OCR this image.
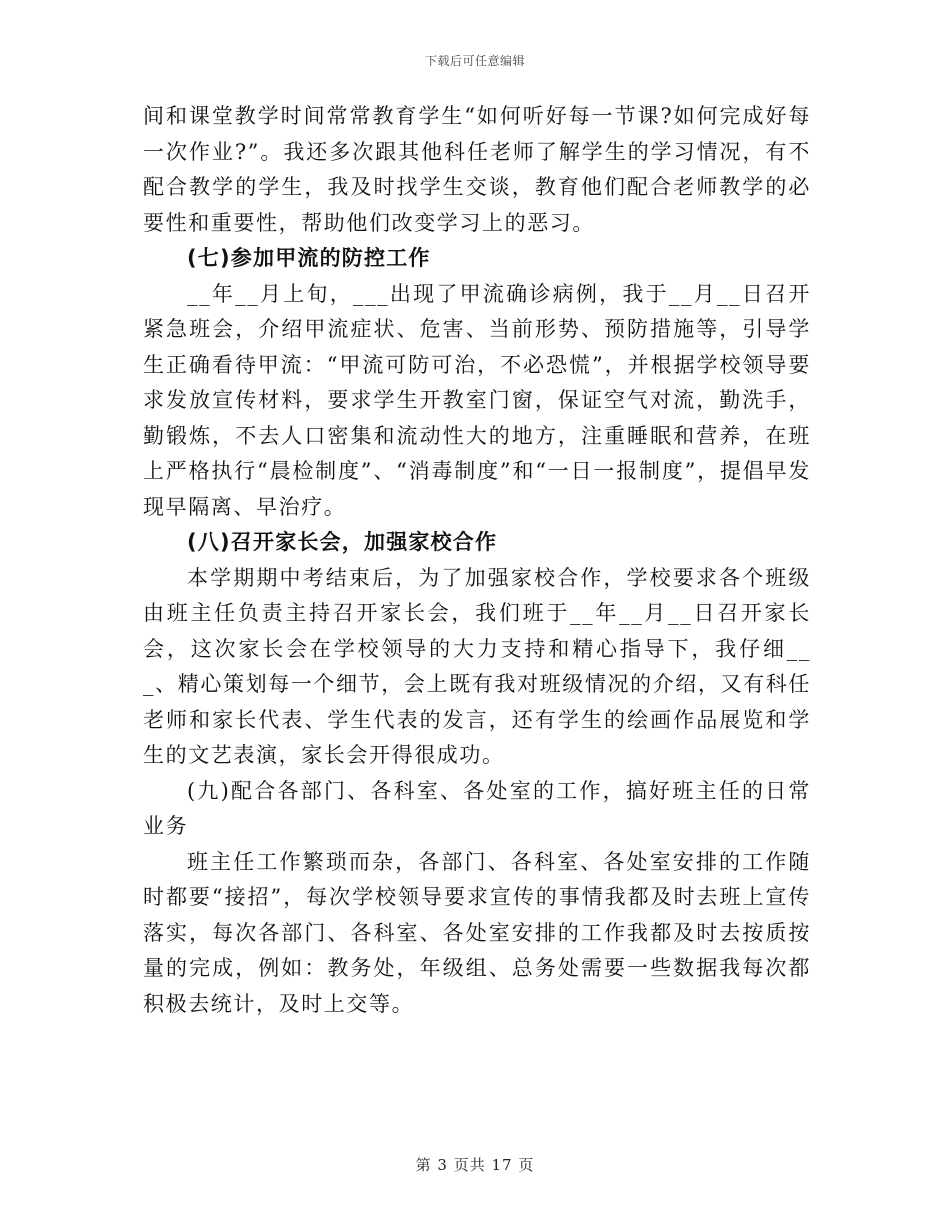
下载后可任意编辑

间和课堂教学时间常常教育学生“如何听好每一节课?如何完成好每一次作业?”。我还多次跟其他科任老师了解学生的学习情况，有不配合教学的学生，我及时找学生交谈，教育他们配合老师教学的必要性和重要性，帮助他们改变学习上的恶习。

(七)参加甲流的防控工作

__年__月上旬，___出现了甲流确诊病例，我于__月__日召开紧急班会，介绍甲流症状、危害、当前形势、预防措施等，引导学生正确看待甲流：“甲流可防可治，不必恐慌”，并根据学校领导要求发放宣传材料，要求学生开教室门窗，保证空气对流，勤洗手，勤锻炼，不去人口密集和流动性大的地方，注重睡眠和营养，在班上严格执行“晨检制度”、“消毒制度”和“一日一报制度”，提倡早发现早隔离、早治疗。

(八)召开家长会，加强家校合作

本学期期中考结束后，为了加强家校合作，学校要求各个班级由班主任负责主持召开家长会，我们班于__年__月__日召开家长会，这次家长会在学校领导的大力支持和精心指导下，我仔细___、精心策划每一个细节，会上既有我对班级情况的介绍，又有科任老师和家长代表、学生代表的发言，还有学生的绘画作品展览和学生的文艺表演，家长会开得很成功。

(九)配合各部门、各科室、各处室的工作，搞好班主任的日常业务

班主任工作繁琐而杂，各部门、各科室、各处室安排的工作随时都要“接招”，每次学校领导要求宣传的事情我都及时去班上宣传落实，每次各部门、各科室、各处室安排的工作我都及时去按质按量的完成，例如：教务处，年级组、总务处需要一些数据我每次都积极去统计，及时上交等。

第 3 页共 17 页
